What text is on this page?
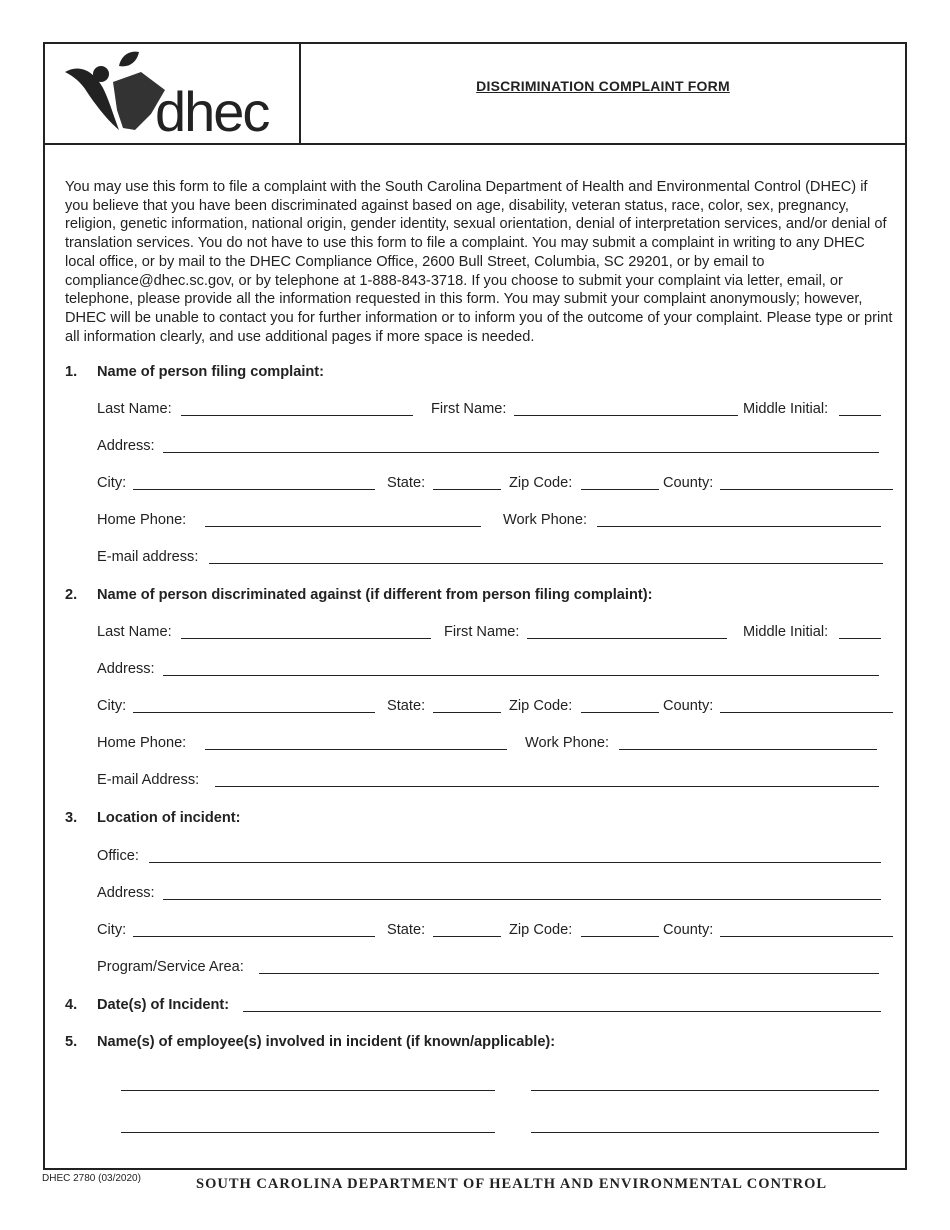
dhec	DISCRIMINATION COMPLAINT FORM

You may use this form to file a complaint with the South Carolina Department of Health and Environmental Control (DHEC) if you believe that you have been discriminated against based on age, disability, veteran status, race, color, sex, pregnancy, religion, genetic information, national origin, gender identity, sexual orientation, denial of interpretation services, and/or denial of translation services. You do not have to use this form to file a complaint. You may submit a complaint in writing to any DHEC local office, or by mail to the DHEC Compliance Office, 2600 Bull Street, Columbia, SC 29201, or by email to compliance@dhec.sc.gov, or by telephone at 1-888-843-3718. If you choose to submit your complaint via letter, email, or telephone, please provide all the information requested in this form. You may submit your complaint anonymously; however, DHEC will be unable to contact you for further information or to inform you of the outcome of your complaint. Please type or print all information clearly, and use additional pages if more space is needed.

1. Name of person filing complaint:
Last Name:	First Name:	Middle Initial:
Address:
City:	State:	Zip Code:	County:
Home Phone:	Work Phone:
E-mail address:
2. Name of person discriminated against (if different from person filing complaint):
Last Name:	First Name:	Middle Initial:
Address:
City:	State:	Zip Code:	County:
Home Phone:	Work Phone:
E-mail Address:
3. Location of incident:
Office:
Address:
City:	State:	Zip Code:	County:
Program/Service Area:
4. Date(s) of Incident:
5. Name(s) of employee(s) involved in incident (if known/applicable):
DHEC 2780 (03/2020)	SOUTH CAROLINA DEPARTMENT OF HEALTH AND ENVIRONMENTAL CONTROL
